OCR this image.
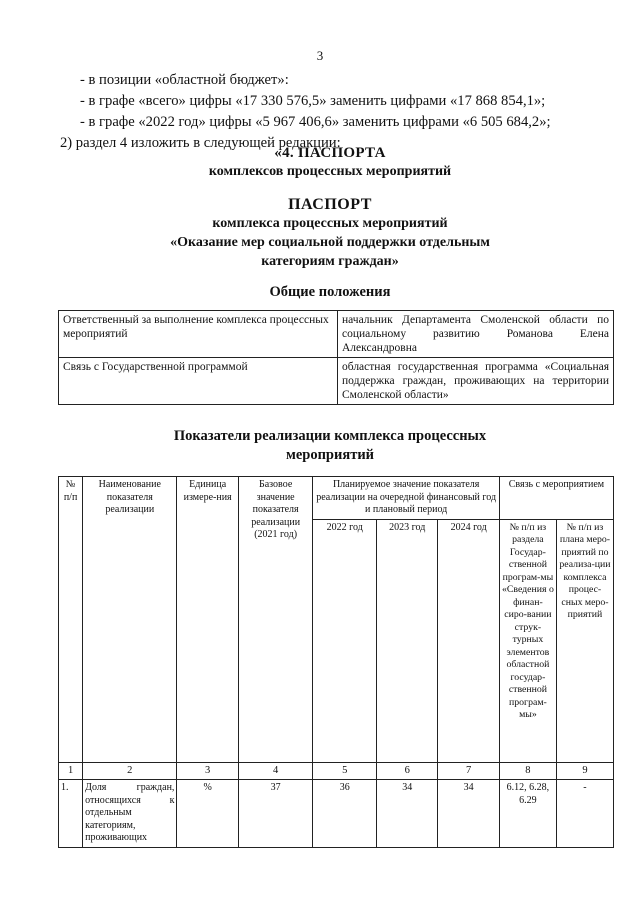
3
- в позиции «областной бюджет»:
- в графе «всего» цифры «17 330 576,5» заменить цифрами «17 868 854,1»;
- в графе «2022 год» цифры «5 967 406,6» заменить цифрами «6 505 684,2»;
2) раздел 4 изложить в следующей редакции:
«4. ПАСПОРТА
комплексов процессных мероприятий
ПАСПОРТ
комплекса процессных мероприятий
«Оказание мер социальной поддержки отдельным
категориям граждан»
Общие положения
Ответственный за выполнение комплекса процессных мероприятий	начальник Департамента Смоленской области по социальному развитию Романова Елена Александровна
Связь с Государственной программой	областная государственная программа «Социальная поддержка граждан, проживающих на территории Смоленской области»
Показатели реализации комплекса процессных
мероприятий
№ п/п	Наименование показателя реализации	Единица измере-ния	Базовое значение показателя реализации (2021 год)	Планируемое значение показателя реализации на очередной финансовый год и плановый период			Связь с мероприятием	
				2022 год	2023 год	2024 год	№ п/п из раздела Государ-ственной програм-мы «Сведения о финан-сиро-вании струк-турных элементов областной государ-ственной програм-мы»	№ п/п из плана меро-приятий по реализа-ции комплекса процес-сных меро-приятий
1	2	3	4	5	6	7	8	9
1.	Доля граждан, относящихся к отдельным категориям, проживающих	%	37	36	34	34	6.12, 6.28, 6.29	-
